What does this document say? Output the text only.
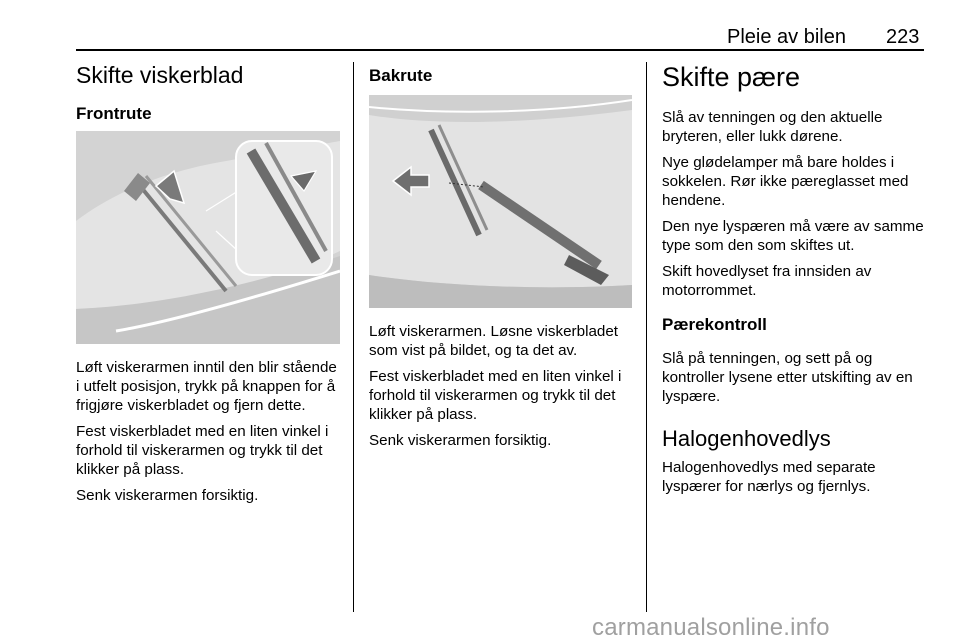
Pleie av bilen 223
Skifte viskerblad
Frontrute

Løft viskerarmen inntil den blir stående i utfelt posisjon, trykk på knappen for å frigjøre viskerbladet og fjern dette.

Fest viskerbladet med en liten vinkel i forhold til viskerarmen og trykk til det klikker på plass.

Senk viskerarmen forsiktig.

Bakrute

Løft viskerarmen. Løsne viskerbladet som vist på bildet, og ta det av.

Fest viskerbladet med en liten vinkel i forhold til viskerarmen og trykk til det klikker på plass.

Senk viskerarmen forsiktig.

Skifte pære

Slå av tenningen og den aktuelle bryteren, eller lukk dørene.

Nye glødelamper må bare holdes i sokkelen. Rør ikke pæreglasset med hendene.

Den nye lyspæren må være av samme type som den som skiftes ut.

Skift hovedlyset fra innsiden av motorrommet.

Pærekontroll

Slå på tenningen, og sett på og kontroller lysene etter utskifting av en lyspære.

Halogenhovedlys

Halogenhovedlys med separate lyspærer for nærlys og fjernlys.

carmanualsonline.info
